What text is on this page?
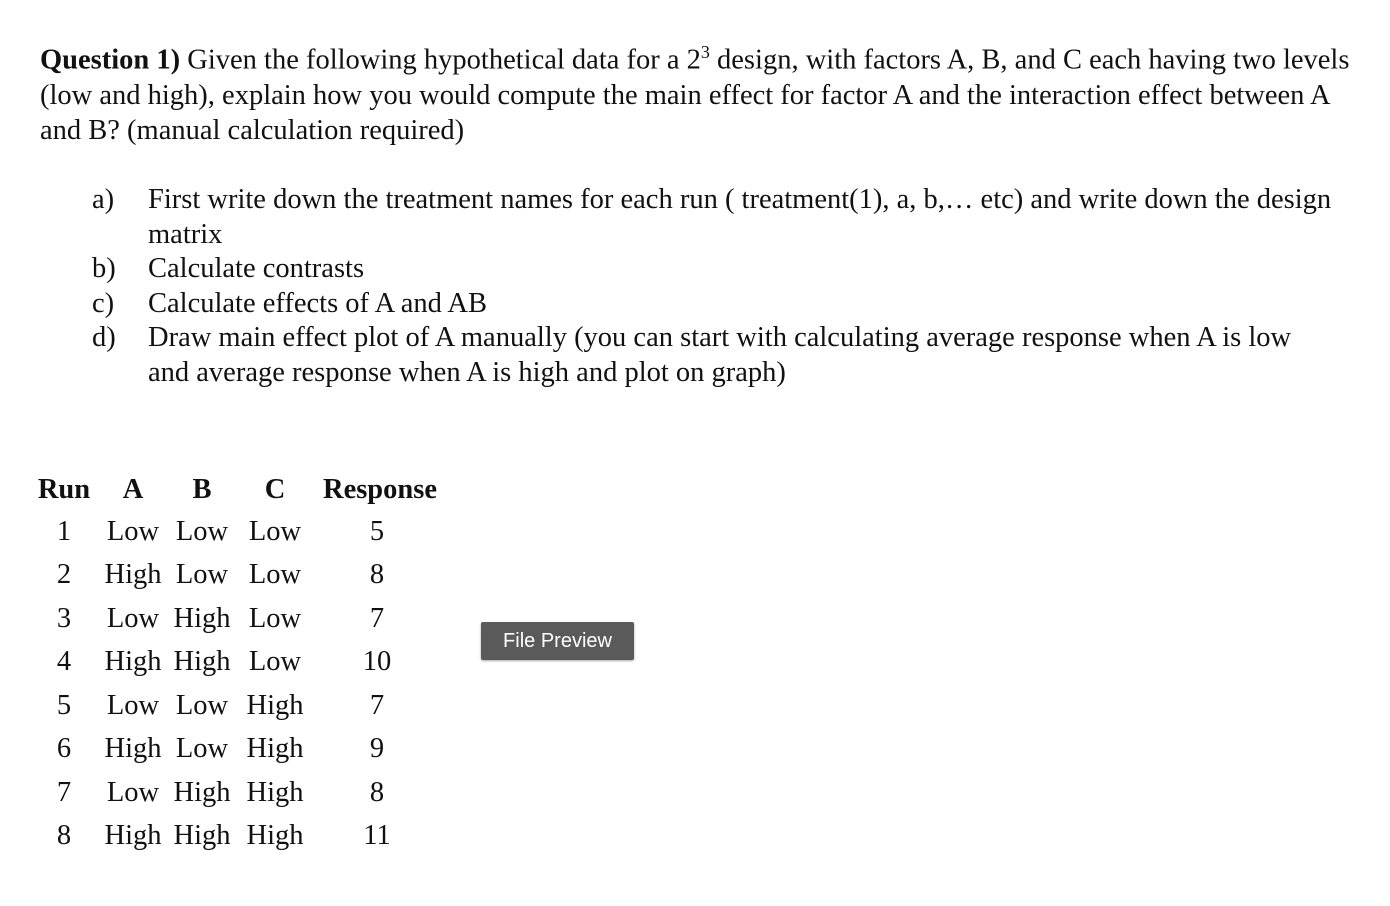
Question 1) Given the following hypothetical data for a $2^3$ design, with factors A, B, and C each having two levels (low and high), explain how you would compute the main effect for factor A and the interaction effect between A and B? (manual calculation required)
a)	First write down the treatment names for each run ( treatment(1), a, b,… etc) and write down the design matrix
b)	Calculate contrasts
c)	Calculate effects of A and AB
d)	Draw main effect plot of A manually (you can start with calculating average response when A is low and average response when A is high and plot on graph)
Run	A	B	C	Response
1	Low	Low	Low	5
2	High	Low	Low	8
3	Low	High	Low	7
4	High	High	Low	10
5	Low	Low	High	7
6	High	Low	High	9
7	Low	High	High	8
8	High	High	High	11
File Preview
